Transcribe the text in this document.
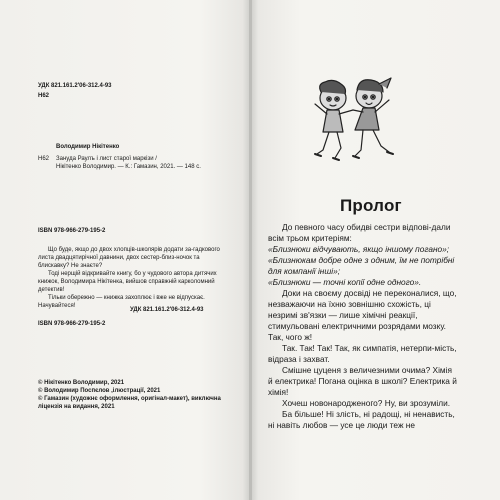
УДК 821.161.2'06-312.4-93
Н62
Володимир Нікітенко
Н62 Занудa Раулъ і лист старої маркізи /
Нікітенко Володимир. — К.: Гамазин, 2021. — 148 с.
ISBN 978-966-279-195-2
Що буде, якщо до двох хлопців-школярів додати за-гадкового листа двадцятирічної давнини, двох сестер-близ-ночок та блискавку? Не знаєте?
Тоді нерщій відкривайте книгу, бо у чудового автора дитячих книжок, Володимира Нікітенка, вийшов справжній карколомний детектив!
Тільки обережно — книжка захоплює і вже не відпускає. Начувайтеся!
УДК 821.161.2'06-312.4-93
ISBN 978-966-279-195-2
© Нікітенко Володимир, 2021
© Володимир Поспєлов ,ілюстрації, 2021
© Гамазин (художнє оформлення, оригінал-макет), виключна ліцензія на видання, 2021
Пролог

До певного часу обидві сестри відпові-дали всім трьом критеріям:

«Близнюки відчувають, якщо іншому погано»;

«Близнюкам добре одне з одним, їм не потрібні для компанії інші»;

«Близнюки — точні копії одне одного».

Доки на своєму досвіді не переконалися, що, незважаючи на їхню зовнішню схожість, ці незримі зв'язки — лише хімічні реакції, стимульовані електричними розрядами мозку. Так, чого ж!

Так. Так! Так! Так, як симпатія, нетерпи-мість, відраза і захват.

Смішне цуценя з величезними очима? Хімія й електрика! Погана оцінка в школі? Електрика й хімія!

Хочеш новонародженого? Ну, ви зрозуміли.

Ба більше! Ні злість, ні радощі, ні ненависть, ні навіть любов — усе це люди теж не
